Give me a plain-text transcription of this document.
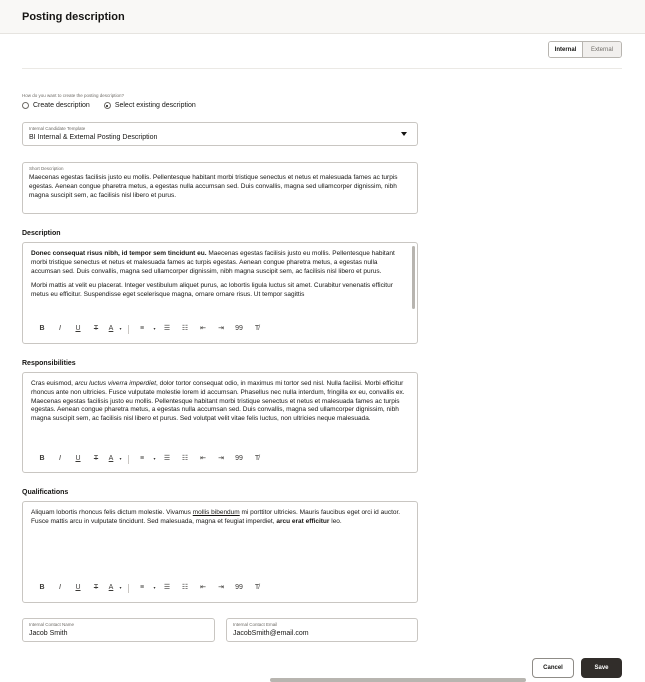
Posting description
Internal	External
How do you want to create the posting description?
Create description	Select existing description
Internal Candidate Template
BI Internal & External Posting Description
Short Description
Maecenas egestas facilisis justo eu mollis. Pellentesque habitant morbi tristique senectus et netus et malesuada fames ac turpis egestas. Aenean congue pharetra metus, a egestas nulla accumsan sed. Duis convallis, magna sed ullamcorper dignissim, nibh magna suscipit sem, ac facilisis nisl libero et purus.
Description

Donec consequat risus nibh, id tempor sem tincidunt eu. Maecenas egestas facilisis justo eu mollis. Pellentesque habitant morbi tristique senectus et netus et malesuada fames ac turpis egestas. Aenean congue pharetra metus, a egestas nulla accumsan sed. Duis convallis, magna sed ullamcorper dignissim, nibh magna suscipit sem, ac facilisis nisl libero et purus.

Morbi mattis at velit eu placerat. Integer vestibulum aliquet purus, ac lobortis ligula luctus sit amet. Curabitur venenatis efficitur metus eu efficitur. Suspendisse eget scelerisque magna, ornare ornare risus. Ut tempor sagittis

B	I	U	T	A	▾	≡	▾	☰	☷	⇤	⇥	99	T̸
Responsibilities
Cras euismod, arcu luctus viverra imperdiet, dolor tortor consequat odio, in maximus mi tortor sed nisl. Nulla facilisi. Morbi efficitur rhoncus ante non ultricies. Fusce vulputate molestie lorem id accumsan. Phasellus nec nulla interdum, fringilla ex eu, convallis ex. Maecenas egestas facilisis justo eu mollis. Pellentesque habitant morbi tristique senectus et netus et malesuada fames ac turpis egestas. Aenean congue pharetra metus, a egestas nulla accumsan sed. Duis convallis, magna sed ullamcorper dignissim, nibh magna suscipit sem, ac facilisis nisl libero et purus. Sed volutpat velit vitae felis luctus, non ultricies neque malesuada.
B	I	U	T	A	▾	≡	▾	☰	☷	⇤	⇥	99	T̸
Qualifications
Aliquam lobortis rhoncus felis dictum molestie. Vivamus mollis bibendum mi porttitor ultricies. Mauris faucibus eget orci id auctor. Fusce mattis arcu in vulputate tincidunt. Sed malesuada, magna et feugiat imperdiet, arcu erat efficitur leo.
B	I	U	T	A	▾	≡	▾	☰	☷	⇤	⇥	99	T̸
Internal Contact Name
Jacob Smith
Internal Contact Email
JacobSmith@email.com
Cancel	Save
